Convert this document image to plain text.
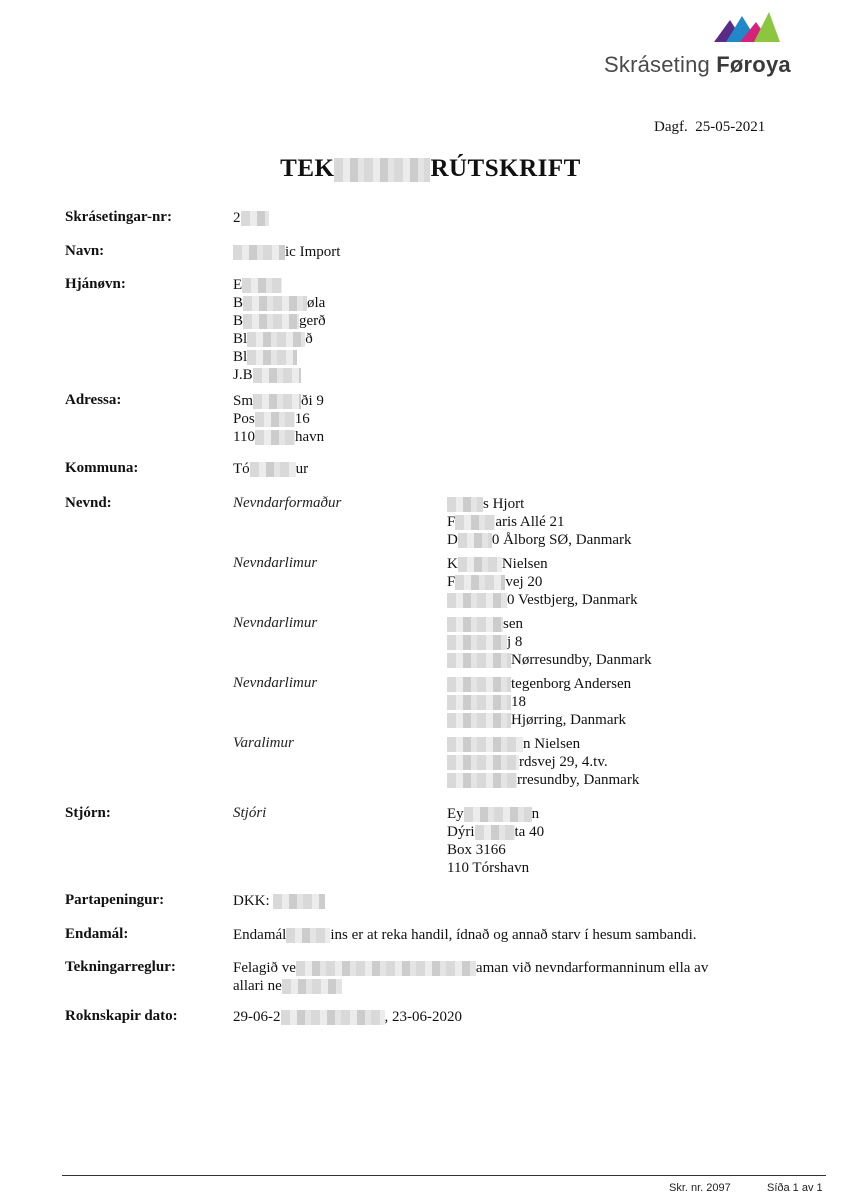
Skráseting Føroya
Dagf. 25-05-2021
TEK	RÚTSKRIFT
Skrásetingar-nr:	2
Navn:	ic Import
Hjánøvn:	E
B	øla
B	gerð
Bl	ð
Bl
J.B
Adressa:	Sm	ði 9
Pos	16
110	havn
Kommuna:	Tó	ur
Nevnd:	Nevndarformaður	s Hjort
F	aris Allé 21
D 0 Ålborg SØ, Danmark
Nevndarlimur	K	Nielsen
F	vej 20
0 Vestbjerg, Danmark
Nevndarlimur	sen
j 8
Nørresundby, Danmark
Nevndarlimur	tegenborg Andersen
18
Hjørring, Danmark
Varalimur	n Nielsen
rdsvej 29, 4.tv.
rresundby, Danmark
Stjórn:	Stjóri	Ey	n
Dýri	ta 40
Box 3166
110 Tórshavn
Partapeningur:	DKK:
Endamál:	Endamál	ins er at reka handil, ídnað og annað starv í hesum sambandi.
Tekningarreglur:	Felagið ve	aman við nevndarformanninum ella av
allari ne
Roknskapir dato:	29-06-2	, 23-06-2020
Skr. nr. 2097	Síða 1 av 1
